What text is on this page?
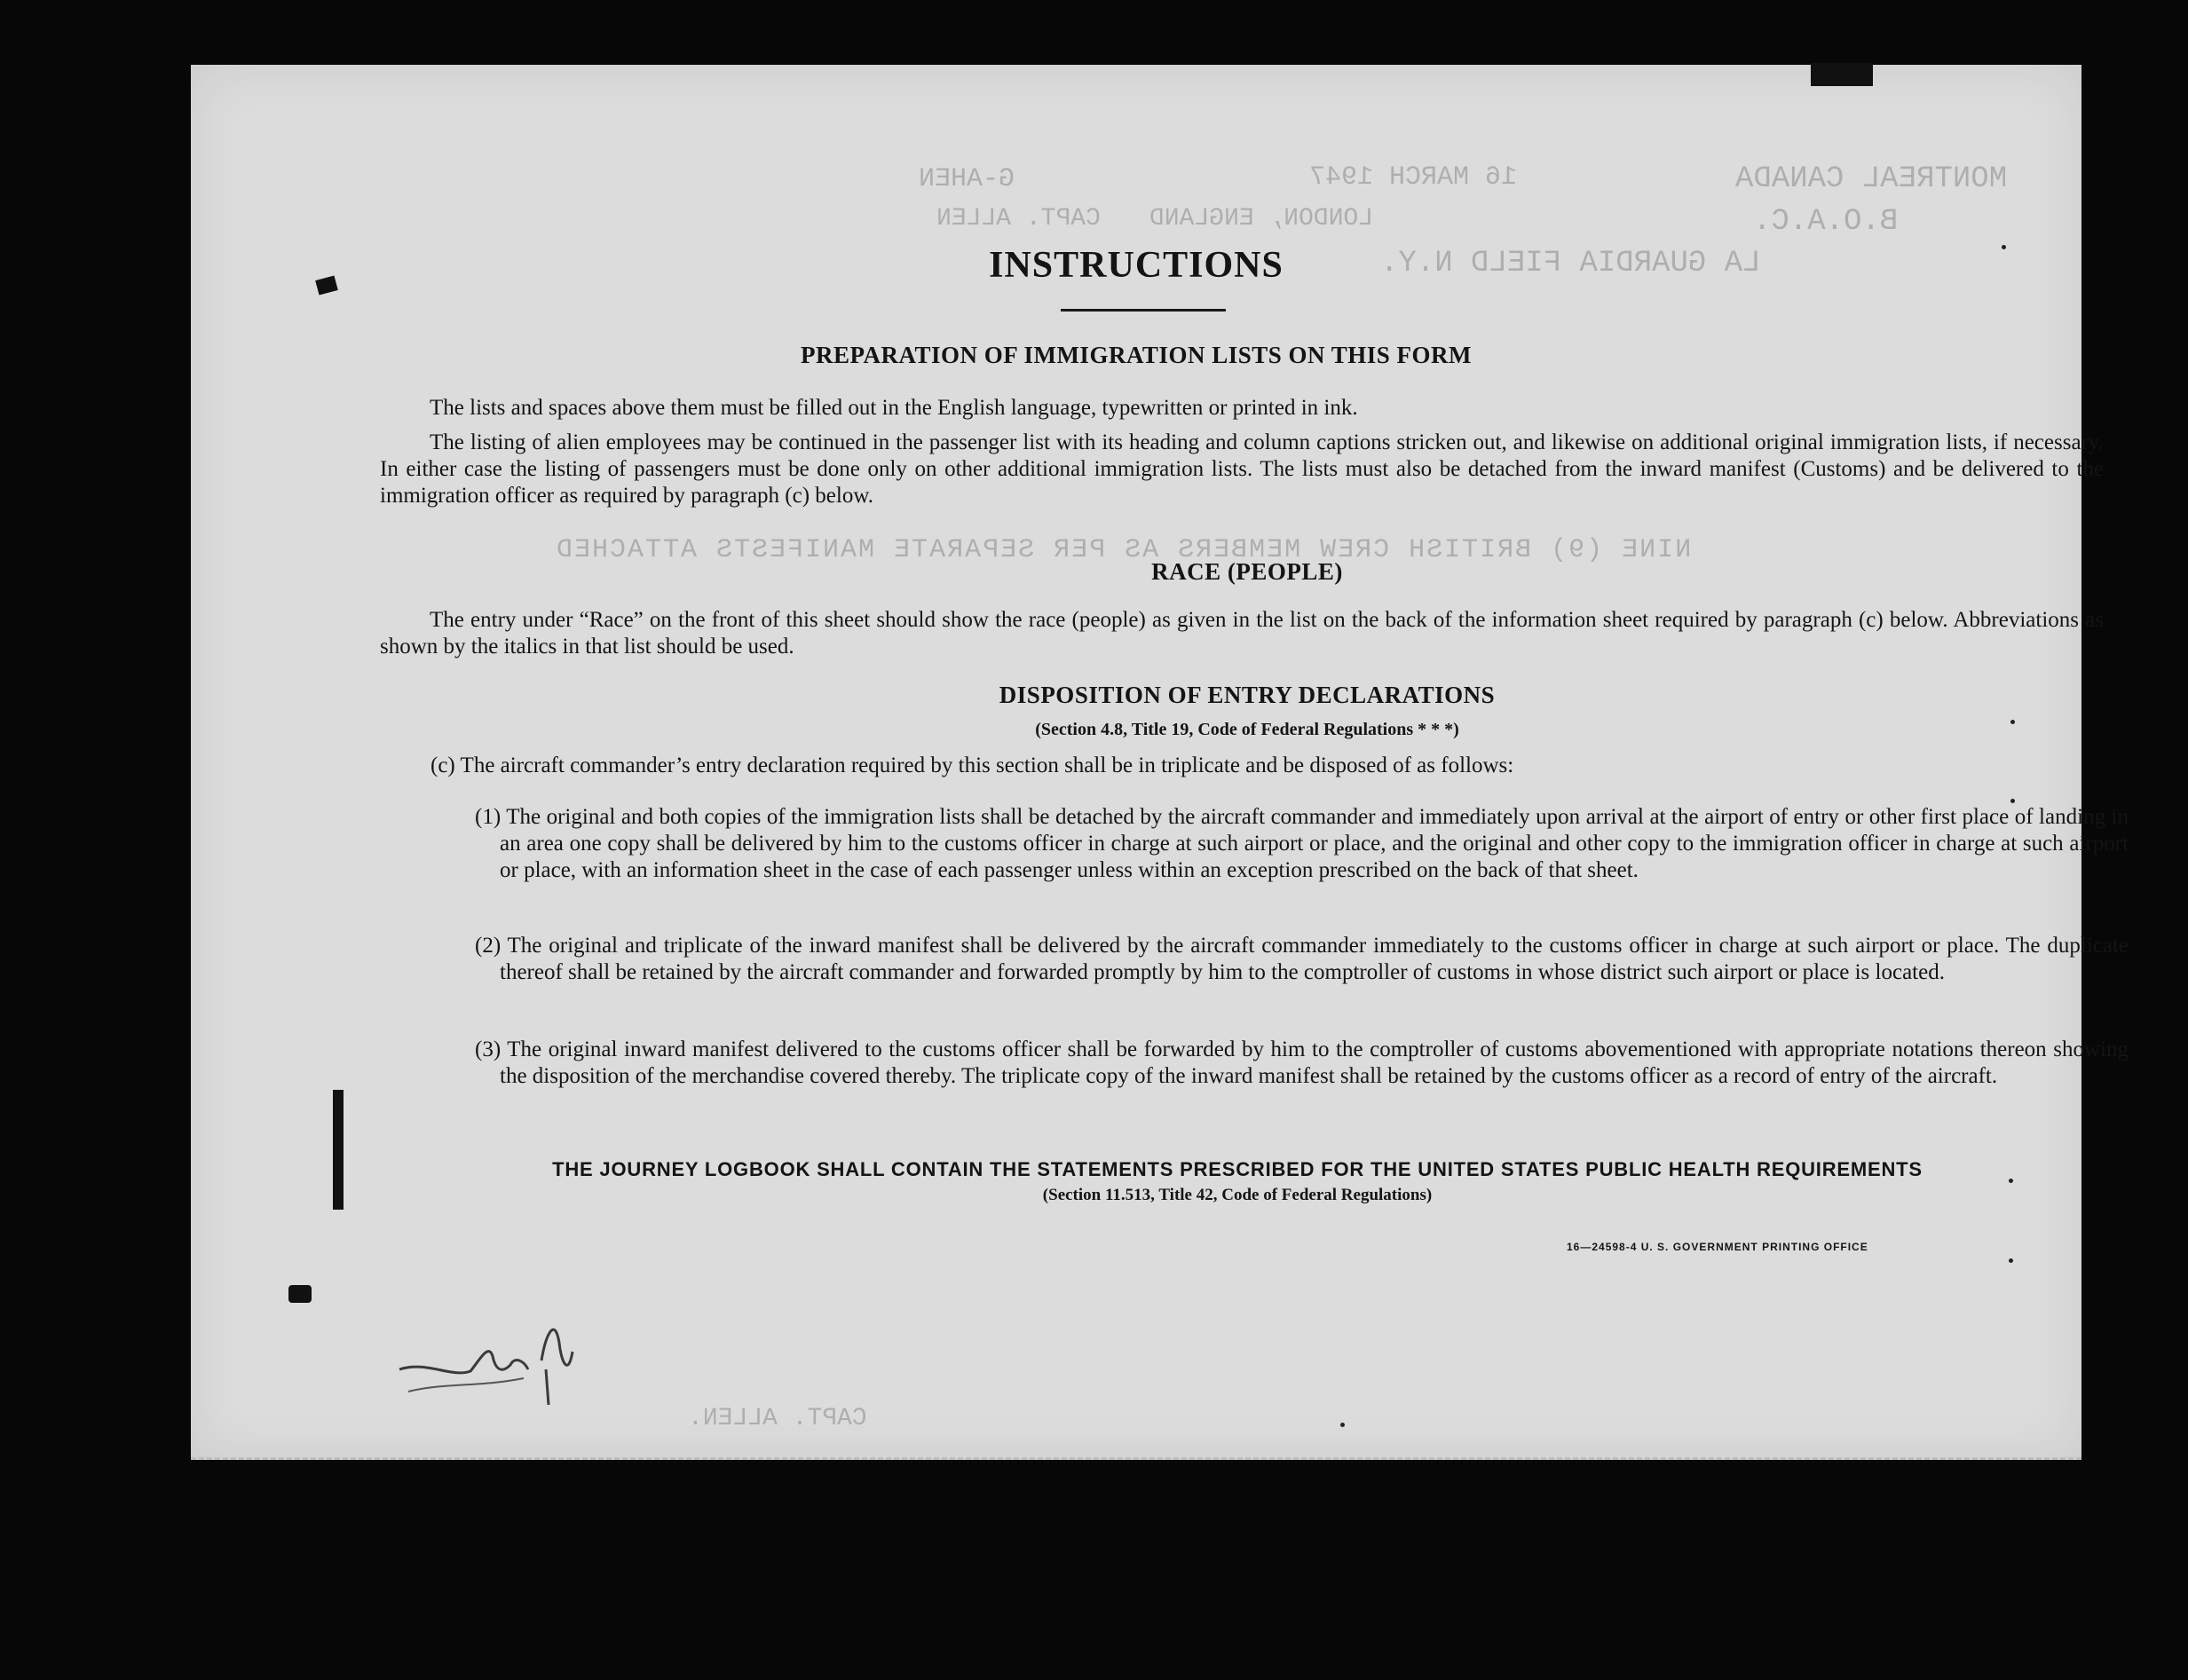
MONTREAL CANADA
16 MARCH 1947
G-AHEN
B.O.A.C.
LONDON, ENGLAND
CAPT. ALLEN
LA GUARDIA FIELD N.Y.
NINE (9) BRITISH CREW MEMBERS AS PER SEPARATE MANIFESTS ATTACHED
CAPT. ALLEN.
INSTRUCTIONS
PREPARATION OF IMMIGRATION LISTS ON THIS FORM
The lists and spaces above them must be filled out in the English language, typewritten or printed in ink.
The listing of alien employees may be continued in the passenger list with its heading and column captions stricken out, and likewise on additional original immigration lists, if necessary. In either case the listing of passengers must be done only on other additional immigration lists. The lists must also be detached from the inward manifest (Customs) and be delivered to the immigration officer as required by paragraph (c) below.
RACE (PEOPLE)
The entry under “Race” on the front of this sheet should show the race (people) as given in the list on the back of the information sheet required by paragraph (c) below. Abbreviations as shown by the italics in that list should be used.
DISPOSITION OF ENTRY DECLARATIONS
(Section 4.8, Title 19, Code of Federal Regulations * * *)
(c) The aircraft commander’s entry declaration required by this section shall be in triplicate and be disposed of as follows:
(1) The original and both copies of the immigration lists shall be detached by the aircraft commander and immediately upon arrival at the airport of entry or other first place of landing in an area one copy shall be delivered by him to the customs officer in charge at such airport or place, and the original and other copy to the immigration officer in charge at such airport or place, with an information sheet in the case of each passenger unless within an exception prescribed on the back of that sheet.
(2) The original and triplicate of the inward manifest shall be delivered by the aircraft commander immediately to the customs officer in charge at such airport or place. The duplicate thereof shall be retained by the aircraft commander and forwarded promptly by him to the comptroller of customs in whose district such airport or place is located.
(3) The original inward manifest delivered to the customs officer shall be forwarded by him to the comptroller of customs abovementioned with appropriate notations thereon showing the disposition of the merchandise covered thereby. The triplicate copy of the inward manifest shall be retained by the customs officer as a record of entry of the aircraft.
THE JOURNEY LOGBOOK SHALL CONTAIN THE STATEMENTS PRESCRIBED FOR THE UNITED STATES PUBLIC HEALTH REQUIREMENTS
(Section 11.513, Title 42, Code of Federal Regulations)
16—24598-4 U. S. GOVERNMENT PRINTING OFFICE
